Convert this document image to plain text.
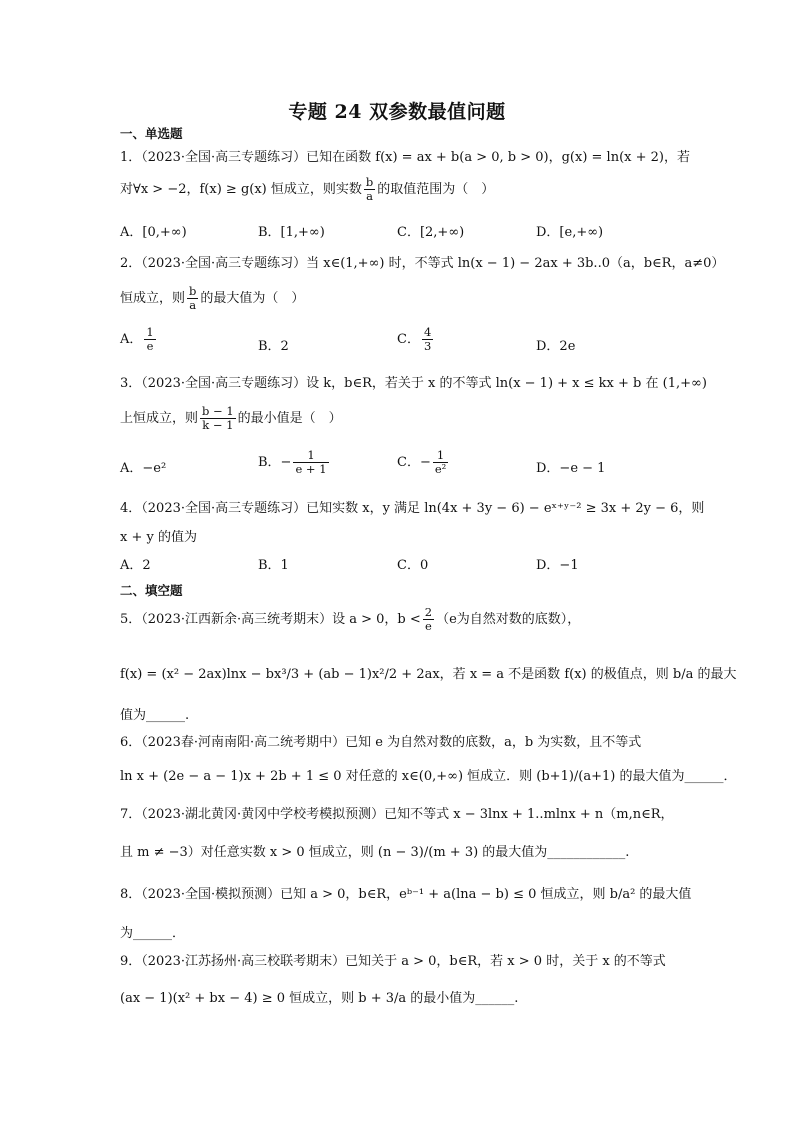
专题 24 双参数最值问题
一、单选题
1．（2023·全国·高三专题练习）已知在函数 f(x) = ax + b(a > 0, b > 0)，g(x) = ln(x + 2)，若
对∀x > −2，f(x) ≥ g(x) 恒成立，则实数 $\frac{b}{a}$ 的取值范围为（　）
A．[0,+∞)	B．[1,+∞)	C．[2,+∞)	D．[e,+∞)
2．（2023·全国·高三专题练习）当 x∈(1,+∞) 时，不等式 ln(x − 1) − 2ax + 3b..0（a，b∈R，a≠0）
恒成立，则 $\frac{b}{a}$ 的最大值为（　）
A． $\frac{1}{e}$	B．2	C． $\frac{4}{3}$	D．2e
3．（2023·全国·高三专题练习）设 k，b∈R，若关于 x 的不等式 ln(x − 1) + x ≤ kx + b 在 (1,+∞)
上恒成立，则 $\frac{b - 1}{k - 1}$ 的最小值是（　）
A．−e²	B．− $\frac{1}{e + 1}$	C．− $\frac{1}{\text{e²}}$	D．−e − 1
4．（2023·全国·高三专题练习）已知实数 x，y 满足 ln(4x + 3y − 6) − eˣ⁺ʸ⁻² ≥ 3x + 2y − 6，则
x + y 的值为
A．2	B．1	C．0	D．−1
二、填空题
5．（2023·江西新余·高三统考期末）设 a > 0，$b < \frac{2}{e} (e$为自然对数的底数），
f(x) = (x² − 2ax)lnx − bx³/3 + (ab − 1)x²/2 + 2ax，若 x = a 不是函数 f(x) 的极值点，则 b/a 的最大
值为______.
6．（2023春·河南南阳·高二统考期中）已知 e 为自然对数的底数，a，b 为实数，且不等式
ln x + (2e − a − 1)x + 2b + 1 ≤ 0 对任意的 x∈(0,+∞) 恒成立．则 (b+1)/(a+1) 的最大值为______．
7．（2023·湖北黄冈·黄冈中学校考模拟预测）已知不等式 x − 3lnx + 1..mlnx + n（m,n∈R，
且 m ≠ −3）对任意实数 x > 0 恒成立，则 (n − 3)/(m + 3) 的最大值为____________.
8．（2023·全国·模拟预测）已知 a > 0，b∈R，eᵇ⁻¹ + a(lna − b) ≤ 0 恒成立，则 b/a² 的最大值
为______．
9．（2023·江苏扬州·高三校联考期末）已知关于 a > 0，b∈R，若 x > 0 时，关于 x 的不等式
(ax − 1)(x² + bx − 4) ≥ 0 恒成立，则 b + 3/a 的最小值为______.
